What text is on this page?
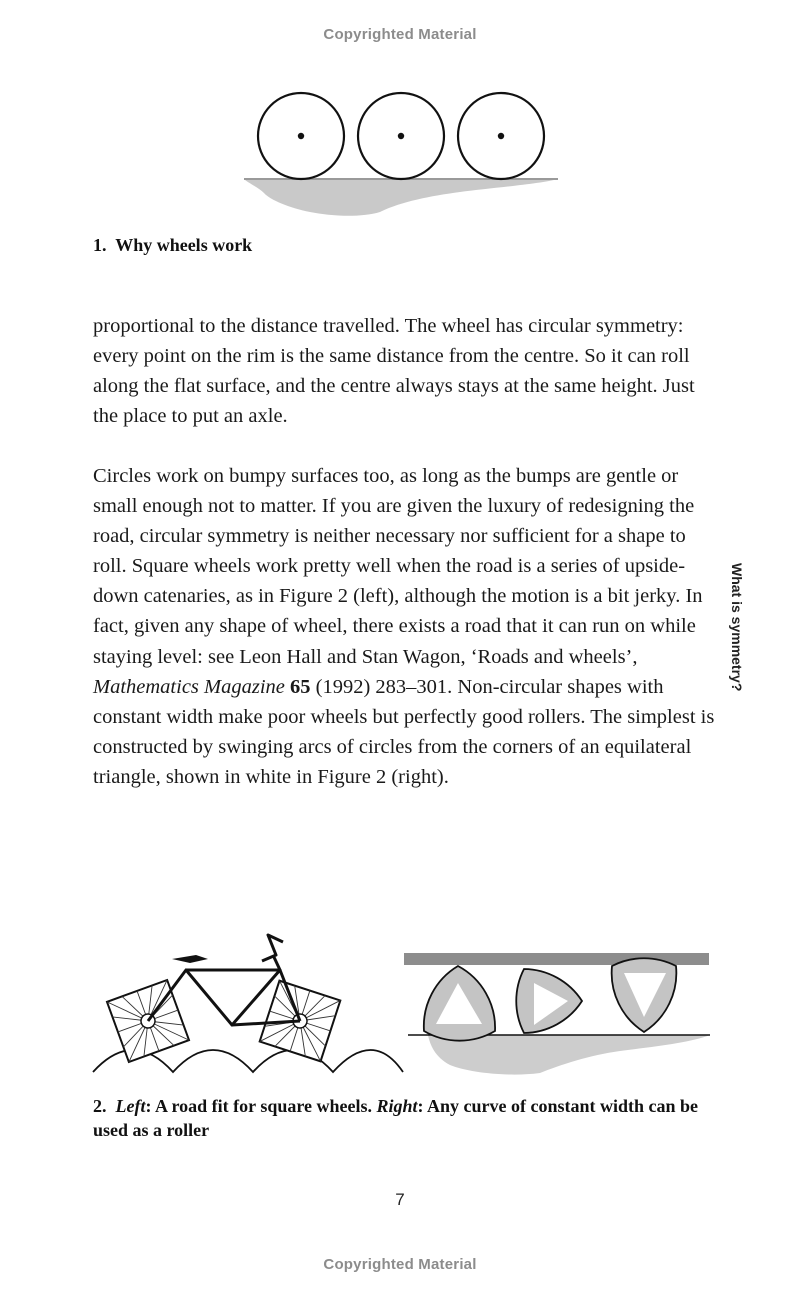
Copyrighted Material
1. Why wheels work

proportional to the distance travelled. The wheel has circular symmetry: every point on the rim is the same distance from the centre. So it can roll along the flat surface, and the centre always stays at the same height. Just the place to put an axle.

Circles work on bumpy surfaces too, as long as the bumps are gentle or small enough not to matter. If you are given the luxury of redesigning the road, circular symmetry is neither necessary nor sufficient for a shape to roll. Square wheels work pretty well when the road is a series of upside-down catenaries, as in Figure 2 (left), although the motion is a bit jerky. In fact, given any shape of wheel, there exists a road that it can run on while staying level: see Leon Hall and Stan Wagon, ‘Roads and wheels’, Mathematics Magazine 65 (1992) 283–301. Non-circular shapes with constant width make poor wheels but perfectly good rollers. The simplest is constructed by swinging arcs of circles from the corners of an equilateral triangle, shown in white in Figure 2 (right).

What is symmetry?
2. Left: A road fit for square wheels. Right: Any curve of constant width can be used as a roller
7
Copyrighted Material
